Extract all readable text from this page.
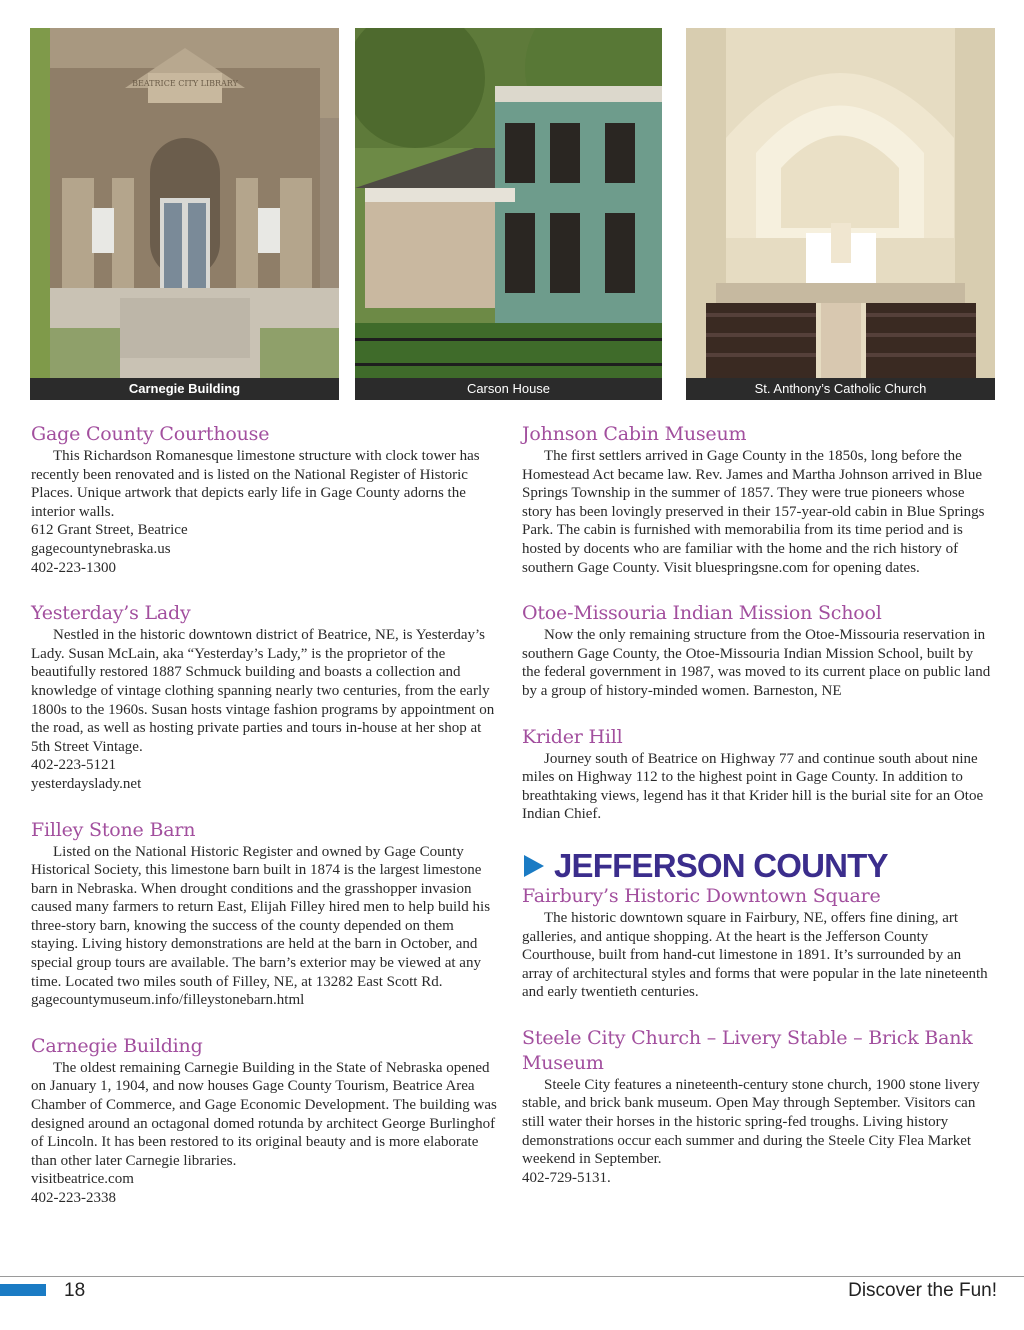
BEATRICE CITY LIBRARY
Carnegie Building	Carson House	St. Anthony’s Catholic Church
Gage County Courthouse

This Richardson Romanesque limestone structure with clock tower has recently been renovated and is listed on the National Register of Historic Places. Unique artwork that depicts early life in Gage County adorns the interior walls.

612 Grant Street, Beatrice
gagecountynebraska.us
402-223-1300
Yesterday’s Lady

Nestled in the historic downtown district of Beatrice, NE, is Yesterday’s Lady. Susan McLain, aka “Yesterday’s Lady,” is the proprietor of the beautifully restored 1887 Schmuck building and boasts a collection and knowledge of vintage clothing spanning nearly two centuries, from the early 1800s to the 1960s. Susan hosts vintage fashion programs by appointment on the road, as well as hosting private parties and tours in-house at her shop at 5th Street Vintage.

402-223-5121
yesterdayslady.net
Filley Stone Barn

Listed on the National Historic Register and owned by Gage County Historical Society, this limestone barn built in 1874 is the largest limestone barn in Nebraska. When drought conditions and the grasshopper invasion caused many farmers to return East, Elijah Filley hired men to help build his three-story barn, knowing the success of the county depended on them staying. Living history demonstrations are held at the barn in October, and special group tours are available. The barn’s exterior may be viewed at any time. Located two miles south of Filley, NE, at 13282 East Scott Rd.

gagecountymuseum.info/filleystonebarn.html
Carnegie Building

The oldest remaining Carnegie Building in the State of Nebraska opened on January 1, 1904, and now houses Gage County Tourism, Beatrice Area Chamber of Commerce, and Gage Economic Development. The building was designed around an octagonal domed rotunda by architect George Burlinghof of Lincoln. It has been restored to its original beauty and is more elaborate than other later Carnegie libraries.

visitbeatrice.com
402-223-2338
Johnson Cabin Museum

The first settlers arrived in Gage County in the 1850s, long before the Homestead Act became law. Rev. James and Martha Johnson arrived in Blue Springs Township in the summer of 1857. They were true pioneers whose story has been lovingly preserved in their 157-year-old cabin in Blue Springs Park. The cabin is furnished with memorabilia from its time period and is hosted by docents who are familiar with the home and the rich history of southern Gage County. Visit bluespringsne.com for opening dates.

Otoe-Missouria Indian Mission School

Now the only remaining structure from the Otoe-Missouria reservation in southern Gage County, the Otoe-Missouria Indian Mission School, built by the federal government in 1987, was moved to its current place on public land by a group of history-minded women. Barneston, NE

Krider Hill

Journey south of Beatrice on Highway 77 and continue south about nine miles on Highway 112 to the highest point in Gage County. In addition to breathtaking views, legend has it that Krider hill is the burial site for an Otoe Indian Chief.

JEFFERSON COUNTY
Fairbury’s Historic Downtown Square

The historic downtown square in Fairbury, NE, offers fine dining, art galleries, and antique shopping. At the heart is the Jefferson County Courthouse, built from hand-cut limestone in 1891. It’s surrounded by an array of architectural styles and forms that were popular in the late nineteenth and early twentieth centuries.

Steele City Church – Livery Stable – Brick Bank Museum

Steele City features a nineteenth-century stone church, 1900 stone livery stable, and brick bank museum. Open May through September. Visitors can still water their horses in the historic spring-fed troughs. Living history demonstrations occur each summer and during the Steele City Flea Market weekend in September.

402-729-5131.
18	Discover the Fun!
